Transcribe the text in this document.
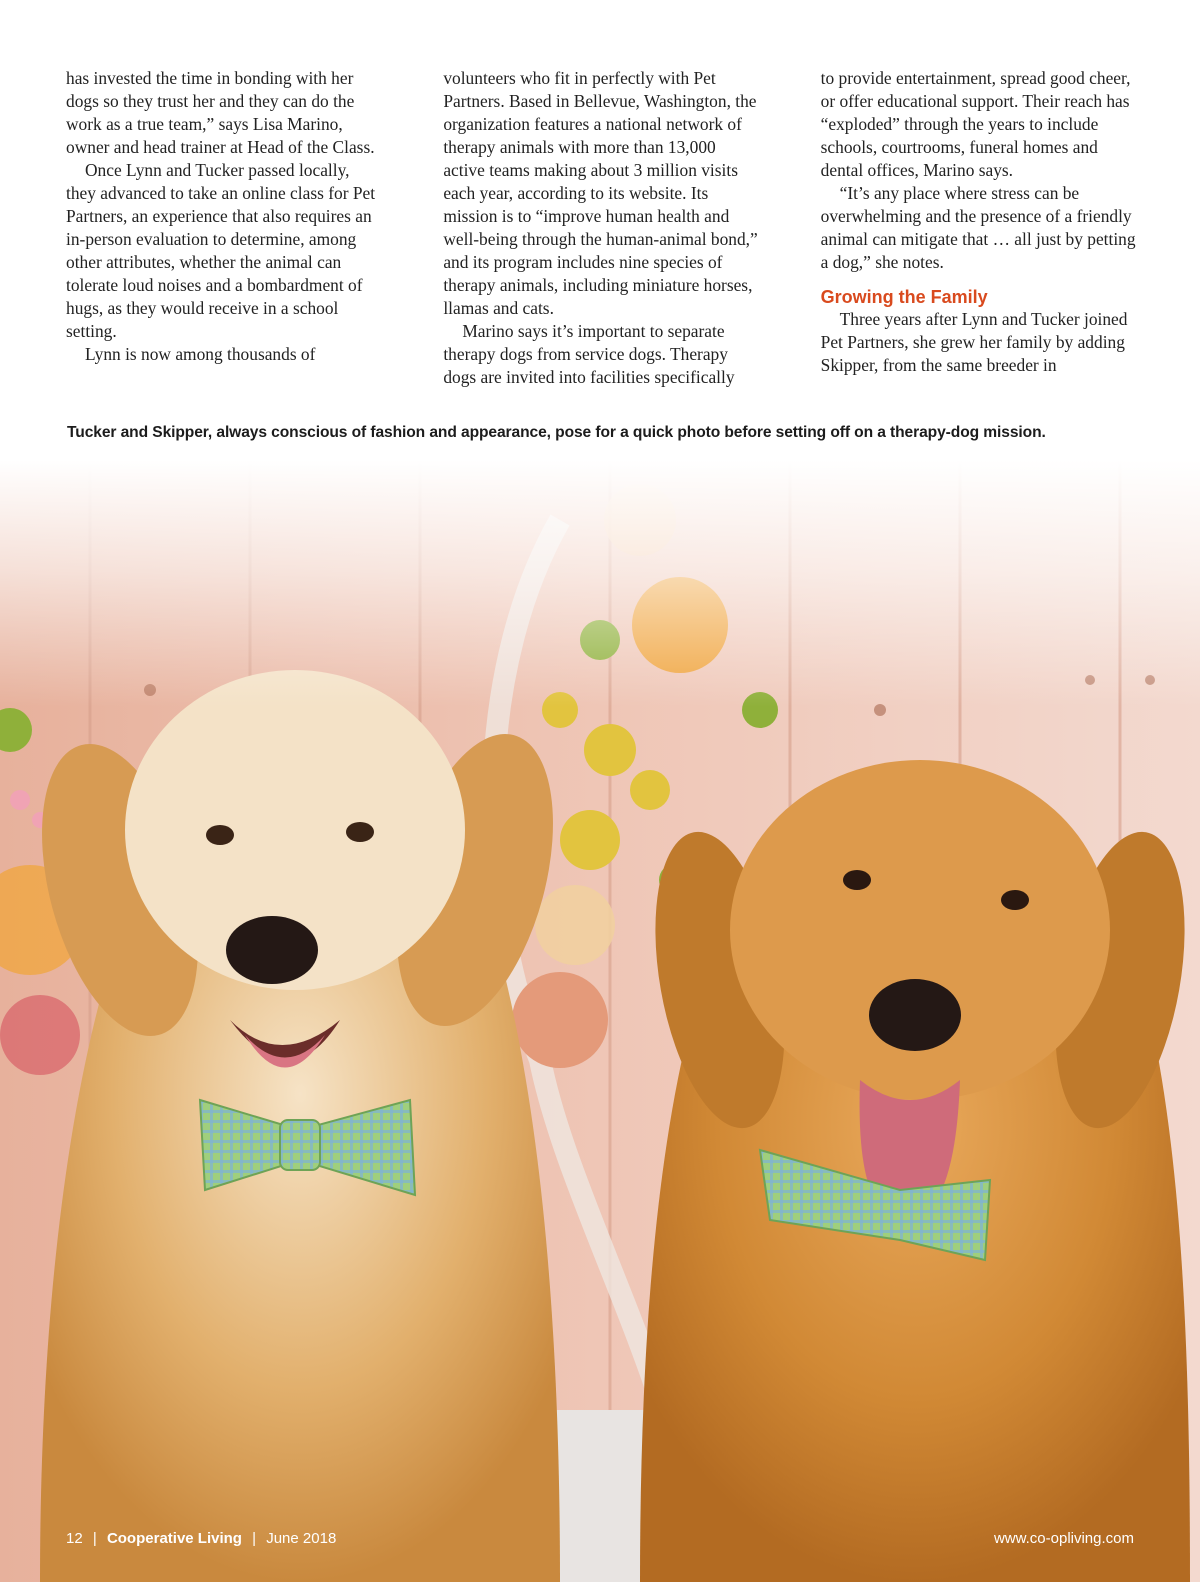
has invested the time in bonding with her dogs so they trust her and they can do the work as a true team,” says Lisa Marino, owner and head trainer at Head of the Class.

Once Lynn and Tucker passed locally, they advanced to take an online class for Pet Partners, an experience that also requires an in-person evaluation to determine, among other attributes, whether the animal can tolerate loud noises and a bombardment of hugs, as they would receive in a school setting.

Lynn is now among thousands of

volunteers who fit in perfectly with Pet Partners. Based in Bellevue, Washington, the organization features a national network of therapy animals with more than 13,000 active teams making about 3 million visits each year, according to its website. Its mission is to “improve human health and well-being through the human-animal bond,” and its program includes nine species of therapy animals, including miniature horses, llamas and cats.

Marino says it’s important to separate therapy dogs from service dogs. Therapy dogs are invited into facilities specifically

to provide entertainment, spread good cheer, or offer educational support. Their reach has “exploded” through the years to include schools, courtrooms, funeral homes and dental offices, Marino says.

“It’s any place where stress can be overwhelming and the presence of a friendly animal can mitigate that … all just by petting a dog,” she notes.

Growing the Family

Three years after Lynn and Tucker joined Pet Partners, she grew her family by adding Skipper, from the same breeder in

Tucker and Skipper, always conscious of fashion and appearance, pose for a quick photo before setting off on a therapy-dog mission.
12 | Cooperative Living | June 2018	www.co-opliving.com
